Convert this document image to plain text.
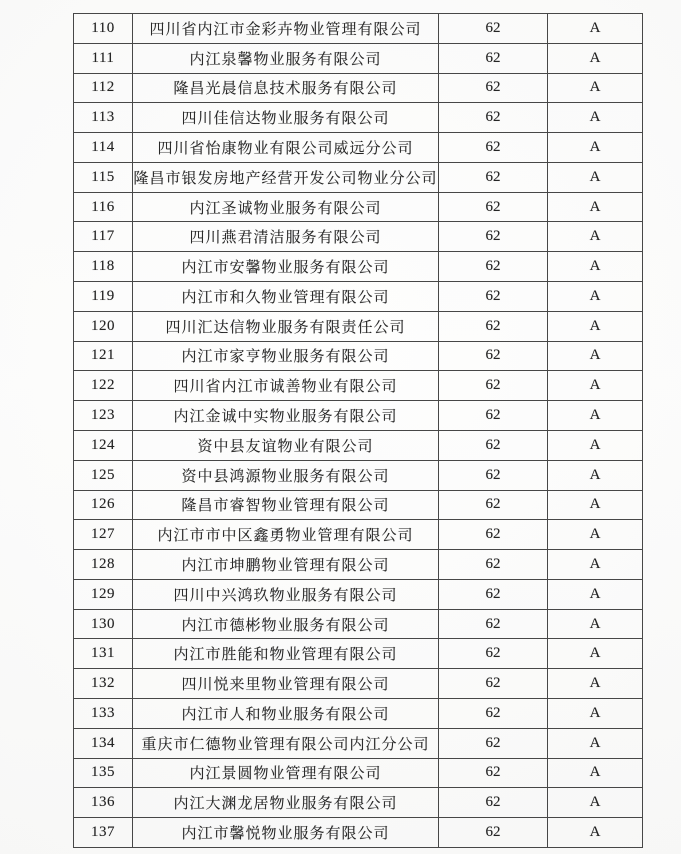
110	四川省内江市金彩卉物业管理有限公司	62	A
111	内江泉馨物业服务有限公司	62	A
112	隆昌光晨信息技术服务有限公司	62	A
113	四川佳信达物业服务有限公司	62	A
114	四川省怡康物业有限公司威远分公司	62	A
115	隆昌市银发房地产经营开发公司物业分公司	62	A
116	内江圣诚物业服务有限公司	62	A
117	四川燕君清洁服务有限公司	62	A
118	内江市安馨物业服务有限公司	62	A
119	内江市和久物业管理有限公司	62	A
120	四川汇达信物业服务有限责任公司	62	A
121	内江市家亨物业服务有限公司	62	A
122	四川省内江市诚善物业有限公司	62	A
123	内江金诚中实物业服务有限公司	62	A
124	资中县友谊物业有限公司	62	A
125	资中县鸿源物业服务有限公司	62	A
126	隆昌市睿智物业管理有限公司	62	A
127	内江市市中区鑫勇物业管理有限公司	62	A
128	内江市坤鹏物业管理有限公司	62	A
129	四川中兴鸿玖物业服务有限公司	62	A
130	内江市德彬物业服务有限公司	62	A
131	内江市胜能和物业管理有限公司	62	A
132	四川悦来里物业管理有限公司	62	A
133	内江市人和物业服务有限公司	62	A
134	重庆市仁德物业管理有限公司内江分公司	62	A
135	内江景圆物业管理有限公司	62	A
136	内江大渊龙居物业服务有限公司	62	A
137	内江市馨悦物业服务有限公司	62	A
